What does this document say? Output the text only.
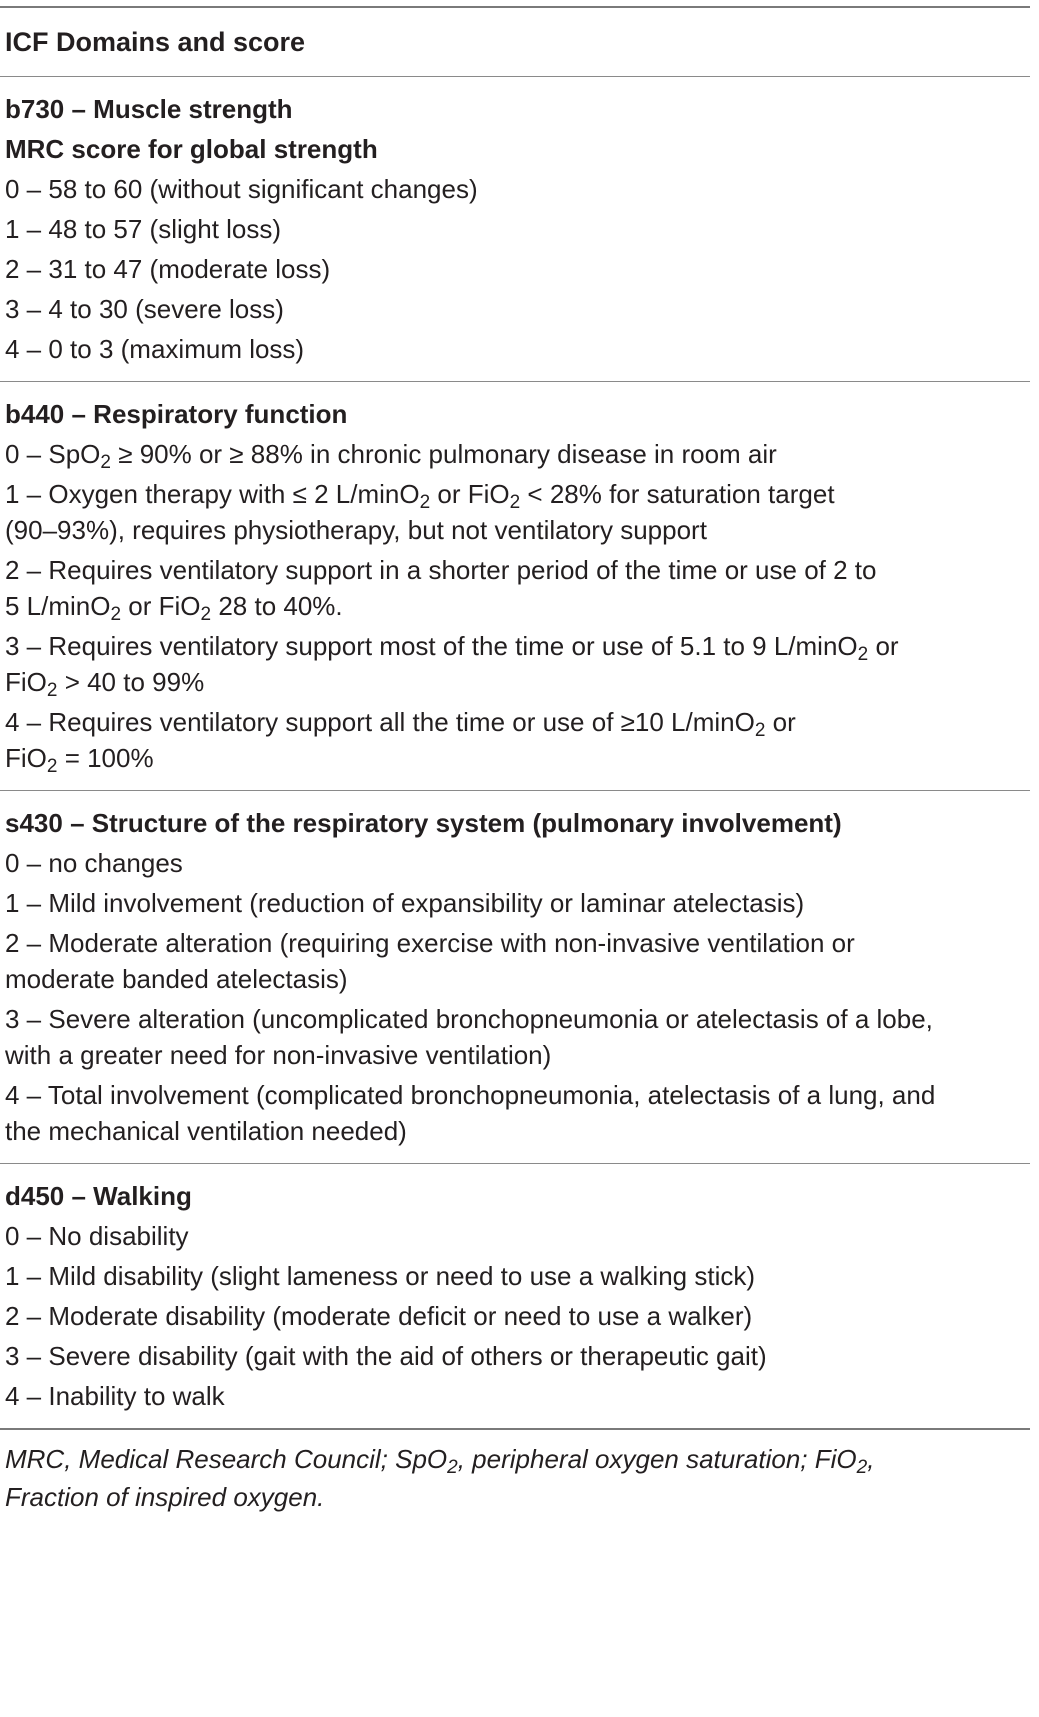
ICF Domains and score
b730 – Muscle strength
MRC score for global strength
0 – 58 to 60 (without significant changes)
1 – 48 to 57 (slight loss)
2 – 31 to 47 (moderate loss)
3 – 4 to 30 (severe loss)
4 – 0 to 3 (maximum loss)
b440 – Respiratory function
0 – SpO$_2$ ≥ 90% or ≥ 88% in chronic pulmonary disease in room air
1 – Oxygen therapy with ≤ 2 L/minO$_2$ or FiO$_2$ < 28% for saturation target
(90–93%), requires physiotherapy, but not ventilatory support
2 – Requires ventilatory support in a shorter period of the time or use of 2 to
5 L/minO$_2$ or FiO$_2$ 28 to 40%.
3 – Requires ventilatory support most of the time or use of 5.1 to 9 L/minO$_2$ or
FiO$_2$ > 40 to 99%
4 – Requires ventilatory support all the time or use of ≥10 L/minO$_2$ or
FiO$_2$ = 100%
s430 – Structure of the respiratory system (pulmonary involvement)
0 – no changes
1 – Mild involvement (reduction of expansibility or laminar atelectasis)
2 – Moderate alteration (requiring exercise with non-invasive ventilation or
moderate banded atelectasis)
3 – Severe alteration (uncomplicated bronchopneumonia or atelectasis of a lobe,
with a greater need for non-invasive ventilation)
4 – Total involvement (complicated bronchopneumonia, atelectasis of a lung, and
the mechanical ventilation needed)
d450 – Walking
0 – No disability
1 – Mild disability (slight lameness or need to use a walking stick)
2 – Moderate disability (moderate deficit or need to use a walker)
3 – Severe disability (gait with the aid of others or therapeutic gait)
4 – Inability to walk
MRC, Medical Research Council; SpO$_2$, peripheral oxygen saturation; FiO$_2$,
Fraction of inspired oxygen.
